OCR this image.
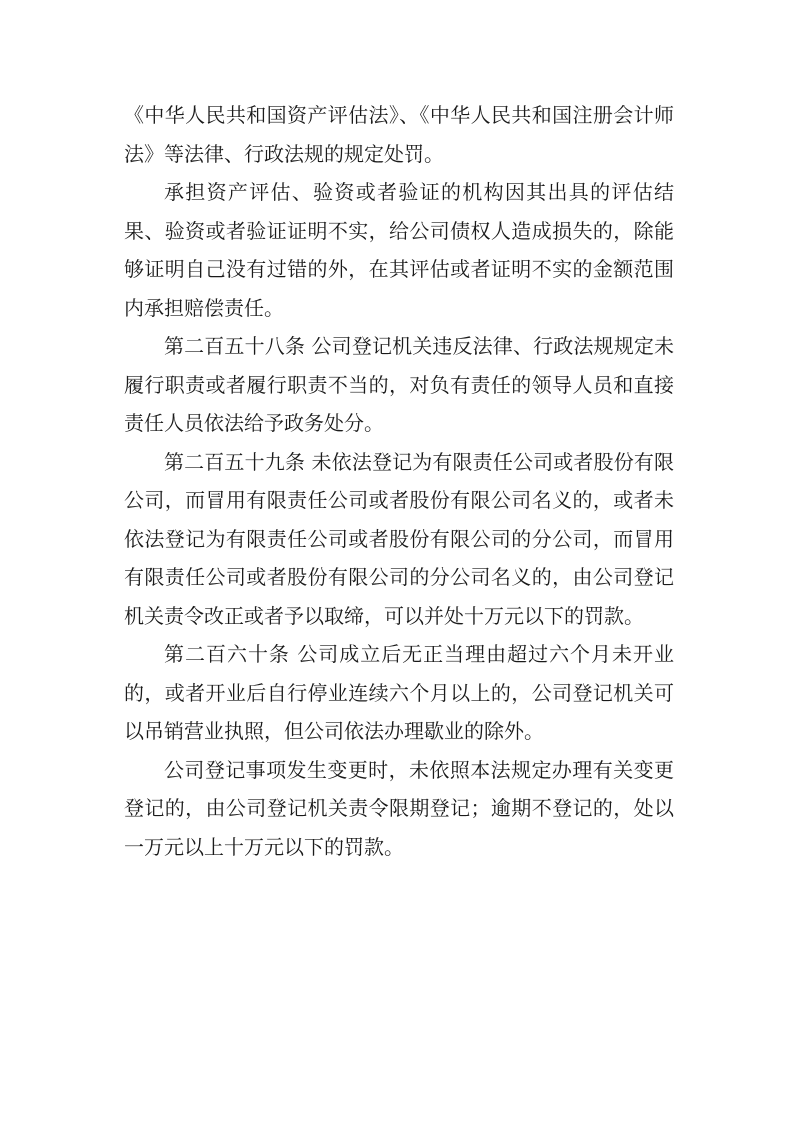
《中华人民共和国资产评估法》、《中华人民共和国注册会计师法》等法律、行政法规的规定处罚。

承担资产评估、验资或者验证的机构因其出具的评估结果、验资或者验证证明不实，给公司债权人造成损失的，除能够证明自己没有过错的外，在其评估或者证明不实的金额范围内承担赔偿责任。

第二百五十八条 公司登记机关违反法律、行政法规规定未履行职责或者履行职责不当的，对负有责任的领导人员和直接责任人员依法给予政务处分。

第二百五十九条 未依法登记为有限责任公司或者股份有限公司，而冒用有限责任公司或者股份有限公司名义的，或者未依法登记为有限责任公司或者股份有限公司的分公司，而冒用有限责任公司或者股份有限公司的分公司名义的，由公司登记机关责令改正或者予以取缔，可以并处十万元以下的罚款。

第二百六十条 公司成立后无正当理由超过六个月未开业的，或者开业后自行停业连续六个月以上的，公司登记机关可以吊销营业执照，但公司依法办理歇业的除外。

公司登记事项发生变更时，未依照本法规定办理有关变更登记的，由公司登记机关责令限期登记；逾期不登记的，处以一万元以上十万元以下的罚款。
